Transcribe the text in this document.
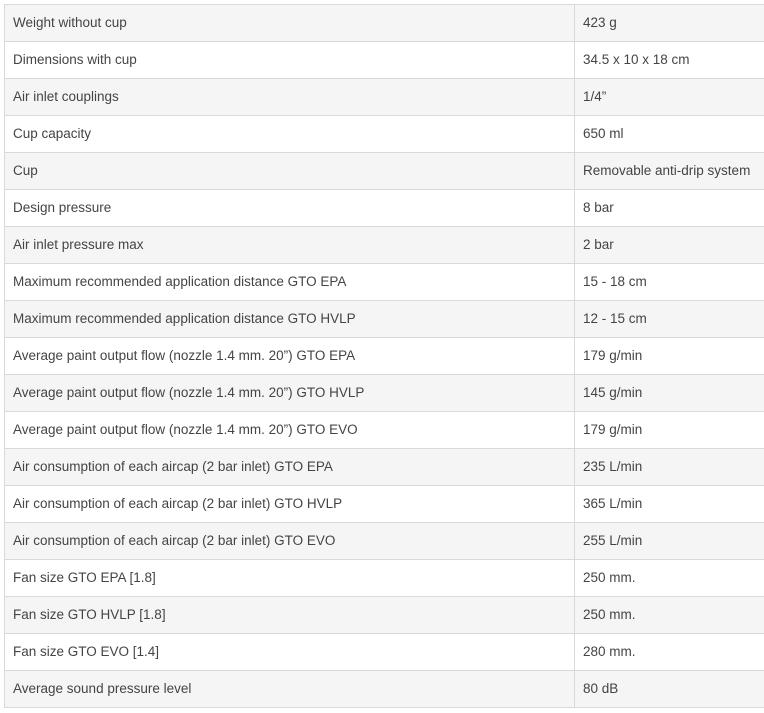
Weight without cup	423 g
Dimensions with cup	34.5 x 10 x 18 cm
Air inlet couplings	1/4”
Cup capacity	650 ml
Cup	Removable anti-drip system
Design pressure	8 bar
Air inlet pressure max	2 bar
Maximum recommended application distance GTO EPA	15 - 18 cm
Maximum recommended application distance GTO HVLP	12 - 15 cm
Average paint output flow (nozzle 1.4 mm. 20”) GTO EPA	179 g/min
Average paint output flow (nozzle 1.4 mm. 20”) GTO HVLP	145 g/min
Average paint output flow (nozzle 1.4 mm. 20”) GTO EVO	179 g/min
Air consumption of each aircap (2 bar inlet) GTO EPA	235 L/min
Air consumption of each aircap (2 bar inlet) GTO HVLP	365 L/min
Air consumption of each aircap (2 bar inlet) GTO EVO	255 L/min
Fan size GTO EPA [1.8]	250 mm.
Fan size GTO HVLP [1.8]	250 mm.
Fan size GTO EVO [1.4]	280 mm.
Average sound pressure level	80 dB
